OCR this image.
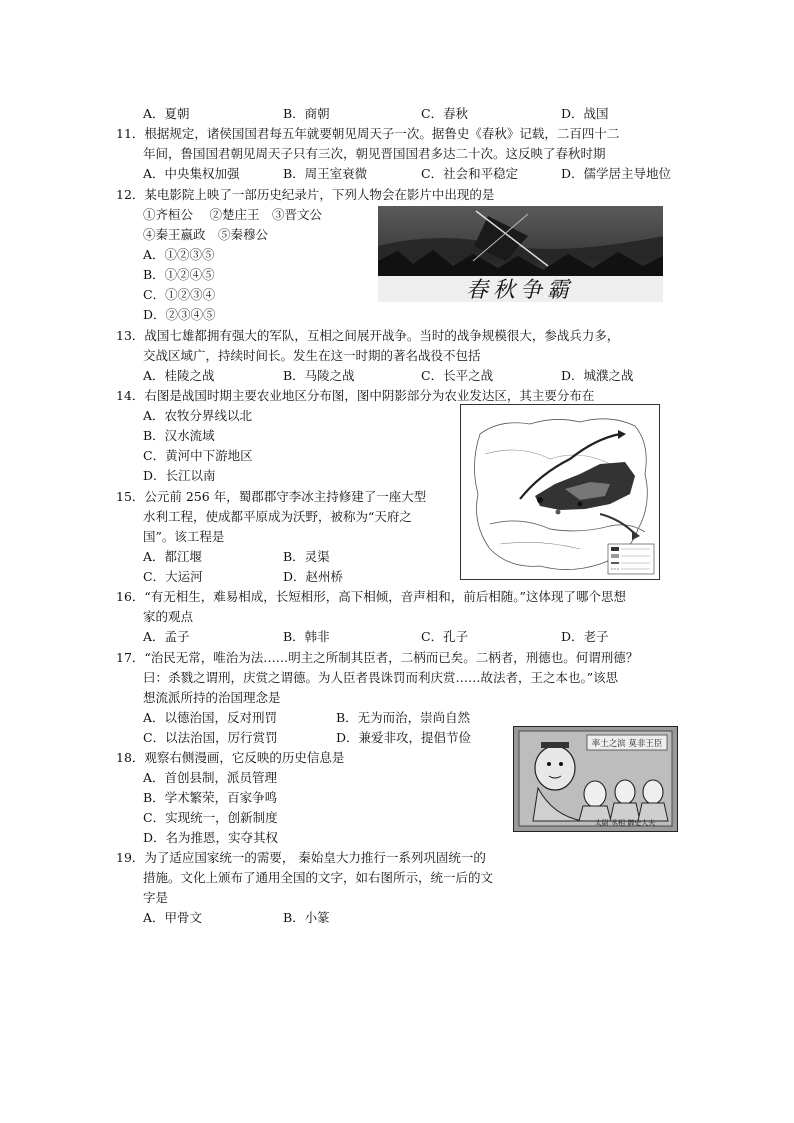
A．夏朝	B．商朝	C．春秋	D．战国
11．根据规定，诸侯国国君每五年就要朝见周天子一次。据鲁史《春秋》记载，二百四十二
年间，鲁国国君朝见周天子只有三次，朝见晋国国君多达二十次。这反映了春秋时期
A．中央集权加强	B．周王室衰微	C．社会和平稳定	D．儒学居主导地位
12．某电影院上映了一部历史纪录片，下列人物会在影片中出现的是
①齐桓公　 ②楚庄王　③晋文公
④秦王嬴政　⑤秦穆公
A．①②③⑤
B．①②④⑤
C．①②③④
D．②③④⑤
春秋争霸
13．战国七雄都拥有强大的军队，互相之间展开战争。当时的战争规模很大，参战兵力多，
交战区域广，持续时间长。发生在这一时期的著名战役不包括
A．桂陵之战	B．马陵之战	C．长平之战	D．城濮之战
14．右图是战国时期主要农业地区分布图，图中阴影部分为农业发达区，其主要分布在
A．农牧分界线以北
B．汉水流域
C．黄河中下游地区
D．长江以南
15．公元前 256 年，蜀郡郡守李冰主持修建了一座大型
水利工程，使成都平原成为沃野，被称为“天府之
国”。该工程是
A．都江堰	B．灵渠
C．大运河	D．赵州桥
16．“有无相生，难易相成，长短相形，高下相倾，音声相和，前后相随。”这体现了哪个思想
家的观点
A．孟子	B．韩非	C．孔子	D．老子
17．“治民无常，唯治为法……明主之所制其臣者，二柄而已矣。二柄者，刑德也。何谓刑德？
曰：杀戮之谓刑，庆赏之谓德。为人臣者畏诛罚而利庆赏……故法者，王之本也。”该思
想流派所持的治国理念是
A．以德治国，反对刑罚	B．无为而治，崇尚自然
C．以法治国，厉行赏罚	D．兼爱非攻，提倡节俭
18．观察右侧漫画，它反映的历史信息是
A．首创县制，派员管理
B．学术繁荣，百家争鸣
C．实现统一，创新制度
D．名为推恩，实夺其权
率土之滨 莫非王臣
太尉 丞相 御史大夫
19．为了适应国家统一的需要， 秦始皇大力推行一系列巩固统一的
措施。文化上颁布了通用全国的文字，如右图所示，统一后的文
字是
A．甲骨文	B．小篆
